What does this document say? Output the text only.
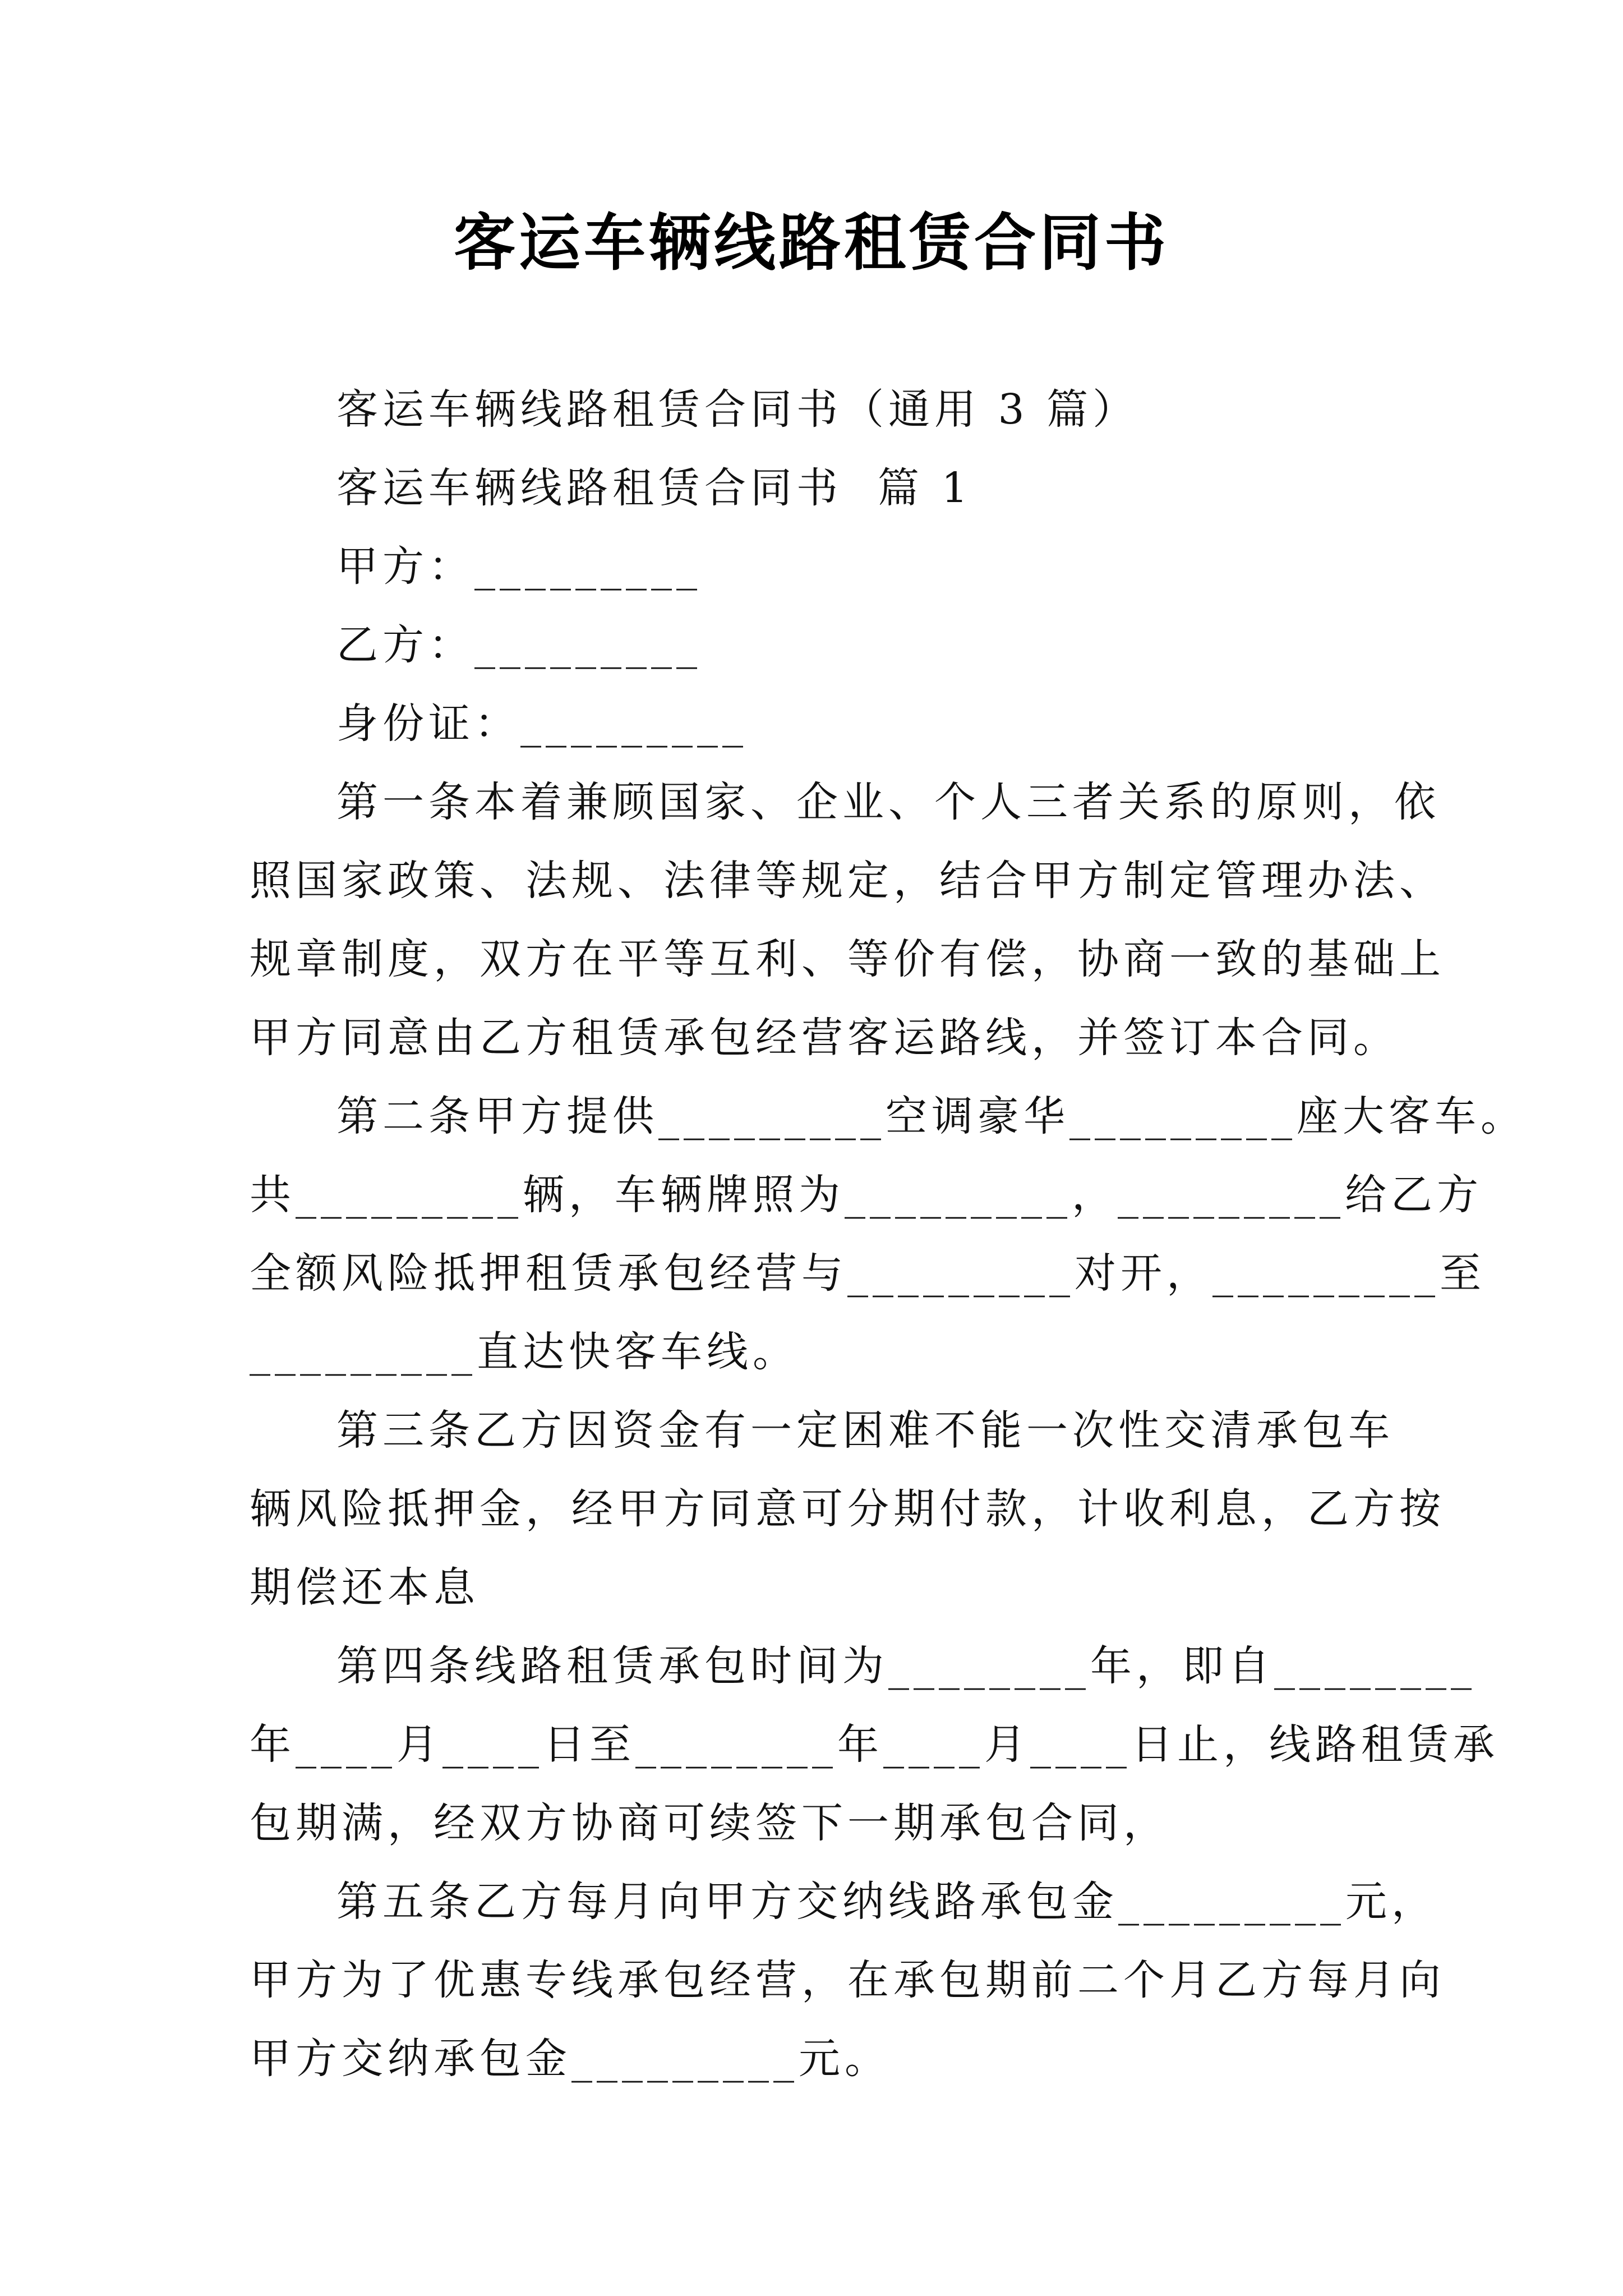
客运车辆线路租赁合同书
客运车辆线路租赁合同书（通用 3 篇）
客运车辆线路租赁合同书  篇 1
甲方：_________
乙方：_________
身份证：_________
第一条本着兼顾国家、企业、个人三者关系的原则，依
照国家政策、法规、法律等规定，结合甲方制定管理办法、
规章制度，双方在平等互利、等价有偿，协商一致的基础上
甲方同意由乙方租赁承包经营客运路线，并签订本合同。
第二条甲方提供_________空调豪华_________座大客车。
共_________辆，车辆牌照为_________，_________给乙方
全额风险抵押租赁承包经营与_________对开，_________至
_________直达快客车线。
第三条乙方因资金有一定困难不能一次性交清承包车
辆风险抵押金，经甲方同意可分期付款，计收利息，乙方按
期偿还本息
第四条线路租赁承包时间为________年，即自________
年____月____日至________年____月____日止，线路租赁承
包期满，经双方协商可续签下一期承包合同，
第五条乙方每月向甲方交纳线路承包金_________元，
甲方为了优惠专线承包经营，在承包期前二个月乙方每月向
甲方交纳承包金_________元。
